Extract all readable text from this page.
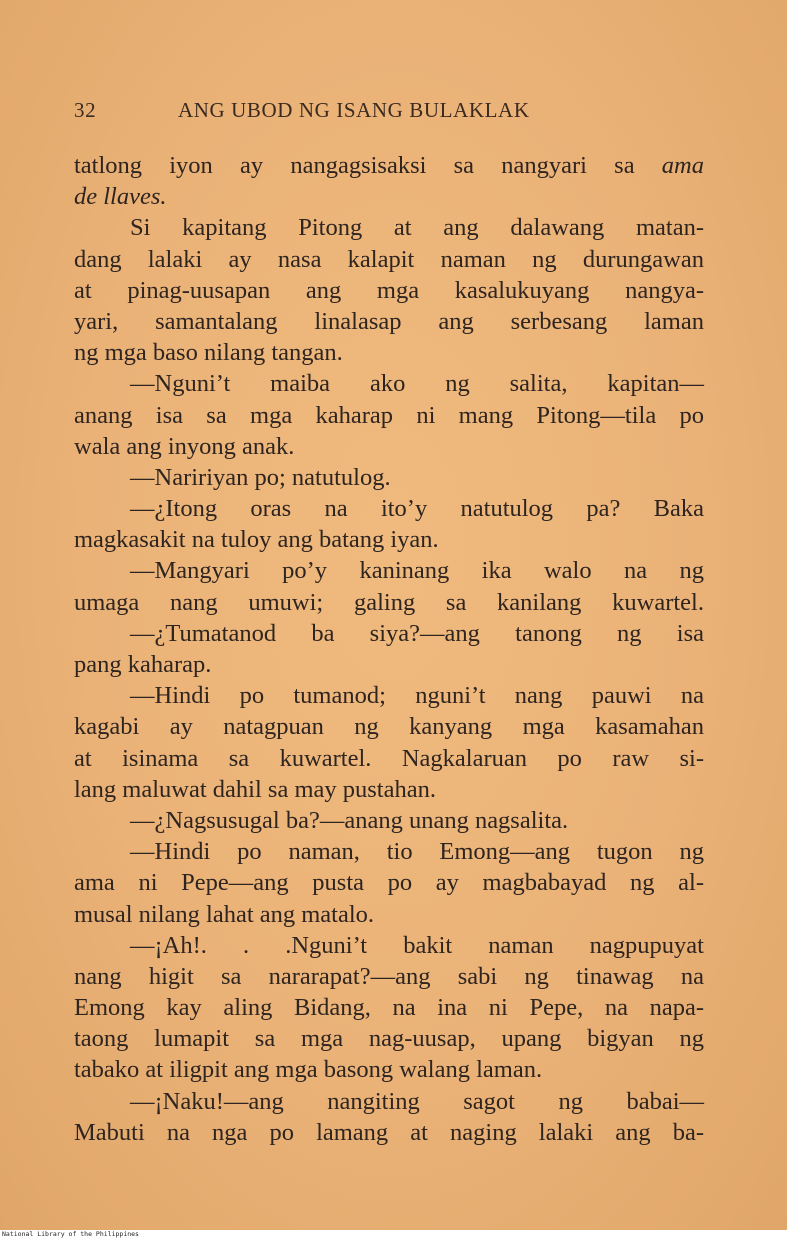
32	ANG UBOD NG ISANG BULAKLAK
tatlong iyon ay nangagsisaksi sa nangyari sa ama
de llaves.
Si kapitang Pitong at ang dalawang matan-
dang lalaki ay nasa kalapit naman ng durungawan
at pinag-uusapan ang mga kasalukuyang nangya-
yari, samantalang linalasap ang serbesang laman
ng mga baso nilang tangan.
—Nguni’t maiba ako ng salita, kapitan—
anang isa sa mga kaharap ni mang Pitong—tila po
wala ang inyong anak.
—Naririyan po; natutulog.
—¿Itong oras na ito’y natutulog pa? Baka
magkasakit na tuloy ang batang iyan.
—Mangyari po’y kaninang ika walo na ng
umaga nang umuwi; galing sa kanilang kuwartel.
—¿Tumatanod ba siya?—ang tanong ng isa
pang kaharap.
—Hindi po tumanod; nguni’t nang pauwi na
kagabi ay natagpuan ng kanyang mga kasamahan
at isinama sa kuwartel. Nagkalaruan po raw si-
lang maluwat dahil sa may pustahan.
—¿Nagsusugal ba?—anang unang nagsalita.
—Hindi po naman, tio Emong—ang tugon ng
ama ni Pepe—ang pusta po ay magbabayad ng al-
musal nilang lahat ang matalo.
—¡Ah!. . .Nguni’t bakit naman nagpupuyat
nang higit sa nararapat?—ang sabi ng tinawag na
Emong kay aling Bidang, na ina ni Pepe, na napa-
taong lumapit sa mga nag-uusap, upang bigyan ng
tabako at iligpit ang mga basong walang laman.
—¡Naku!—ang nangiting sagot ng babai—
Mabuti na nga po lamang at naging lalaki ang ba-
National Library of the Philippines
